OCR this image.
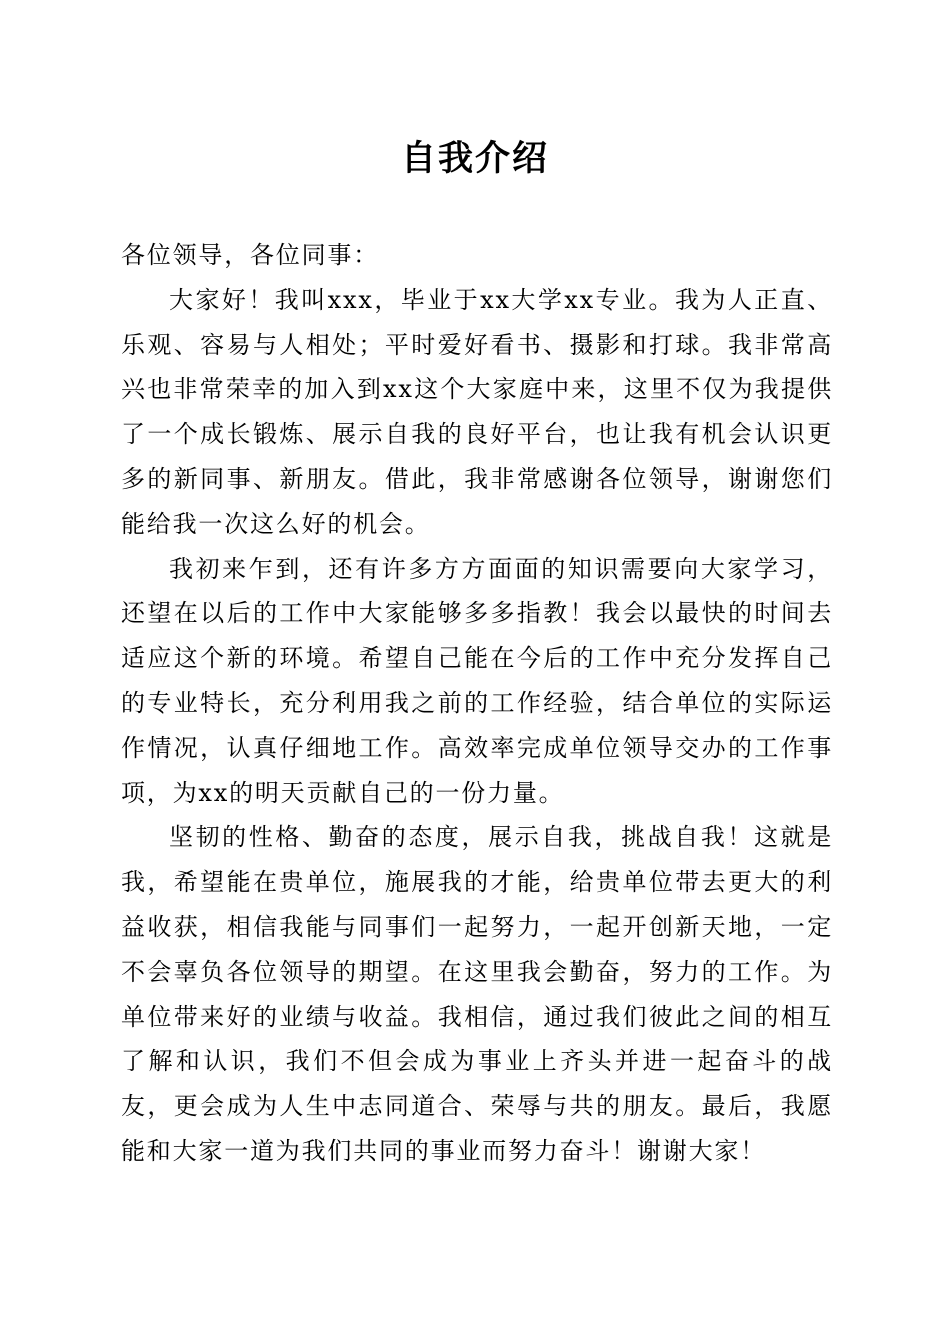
自我介绍

各位领导，各位同事：

大家好！我叫xxx，毕业于xx大学xx专业。我为人正直、乐观、容易与人相处；平时爱好看书、摄影和打球。我非常高兴也非常荣幸的加入到xx这个大家庭中来，这里不仅为我提供了一个成长锻炼、展示自我的良好平台，也让我有机会认识更多的新同事、新朋友。借此，我非常感谢各位领导，谢谢您们能给我一次这么好的机会。

我初来乍到，还有许多方方面面的知识需要向大家学习，还望在以后的工作中大家能够多多指教！我会以最快的时间去适应这个新的环境。希望自己能在今后的工作中充分发挥自己的专业特长，充分利用我之前的工作经验，结合单位的实际运作情况，认真仔细地工作。高效率完成单位领导交办的工作事项，为xx的明天贡献自己的一份力量。

坚韧的性格、勤奋的态度，展示自我，挑战自我！这就是我，希望能在贵单位，施展我的才能，给贵单位带去更大的利益收获，相信我能与同事们一起努力，一起开创新天地，一定不会辜负各位领导的期望。在这里我会勤奋，努力的工作。为单位带来好的业绩与收益。我相信，通过我们彼此之间的相互了解和认识，我们不但会成为事业上齐头并进一起奋斗的战友，更会成为人生中志同道合、荣辱与共的朋友。最后，我愿能和大家一道为我们共同的事业而努力奋斗！谢谢大家！
